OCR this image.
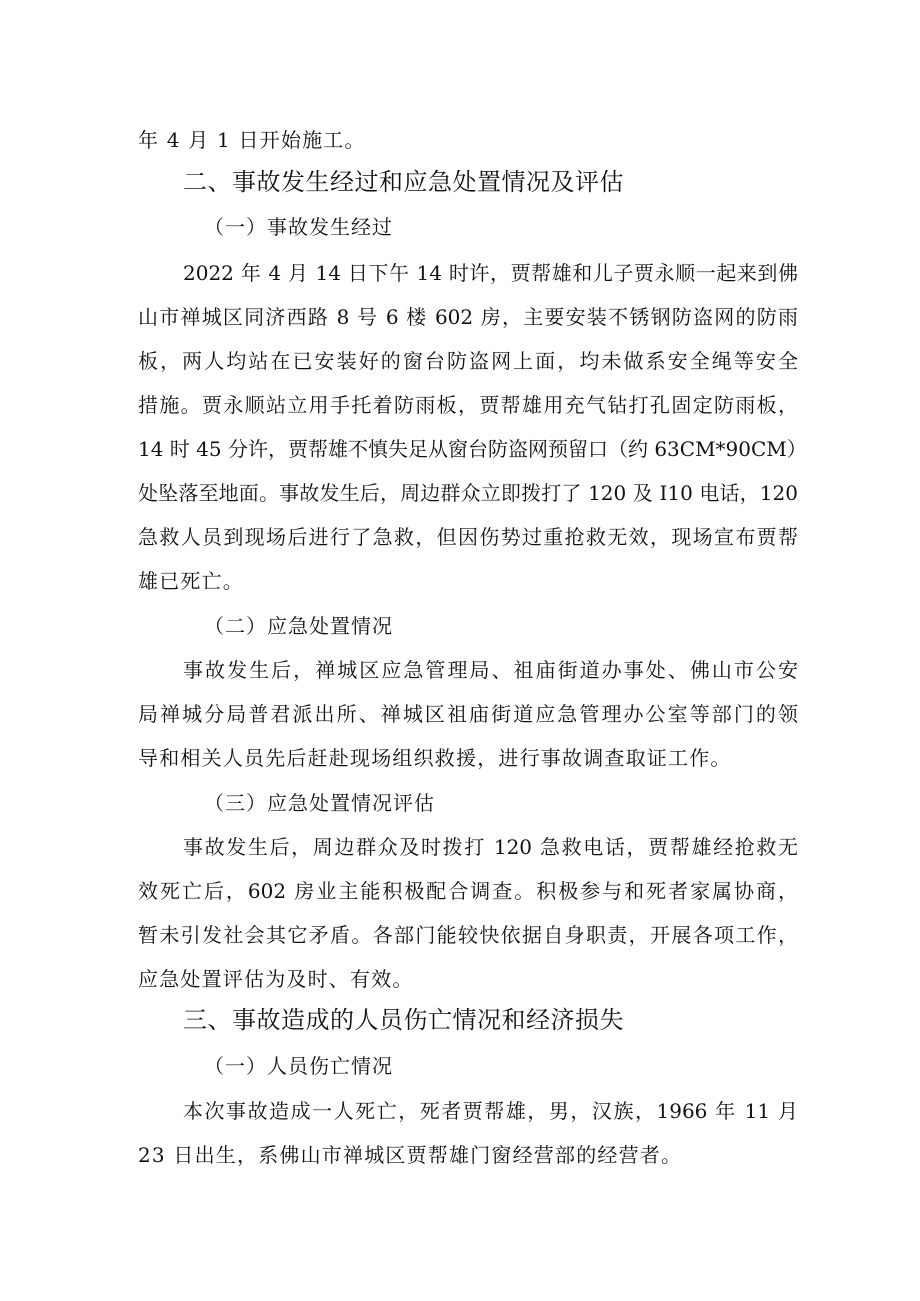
年 4 月 1 日开始施工。
二、事故发生经过和应急处置情况及评估
（一）事故发生经过
2022 年 4 月 14 日下午 14 时许，贾帮雄和儿子贾永顺一起来到佛
山市禅城区同济西路 8 号 6 楼 602 房，主要安装不锈钢防盗网的防雨
板，两人均站在已安装好的窗台防盗网上面，均未做系安全绳等安全
措施。贾永顺站立用手托着防雨板，贾帮雄用充气钻打孔固定防雨板，
14 时 45 分许，贾帮雄不慎失足从窗台防盗网预留口（约 63CM*90CM）
处坠落至地面。事故发生后，周边群众立即拨打了 120 及 I10 电话，120
急救人员到现场后进行了急救，但因伤势过重抢救无效，现场宣布贾帮
雄已死亡。
（二）应急处置情况
事故发生后，禅城区应急管理局、祖庙街道办事处、佛山市公安
局禅城分局普君派出所、禅城区祖庙街道应急管理办公室等部门的领
导和相关人员先后赶赴现场组织救援，进行事故调查取证工作。
（三）应急处置情况评估
事故发生后，周边群众及时拨打 120 急救电话，贾帮雄经抢救无
效死亡后，602 房业主能积极配合调查。积极参与和死者家属协商，
暂未引发社会其它矛盾。各部门能较快依据自身职责，开展各项工作，
应急处置评估为及时、有效。
三、事故造成的人员伤亡情况和经济损失
（一）人员伤亡情况
本次事故造成一人死亡，死者贾帮雄，男，汉族，1966 年 11 月
23 日出生，系佛山市禅城区贾帮雄门窗经营部的经营者。
